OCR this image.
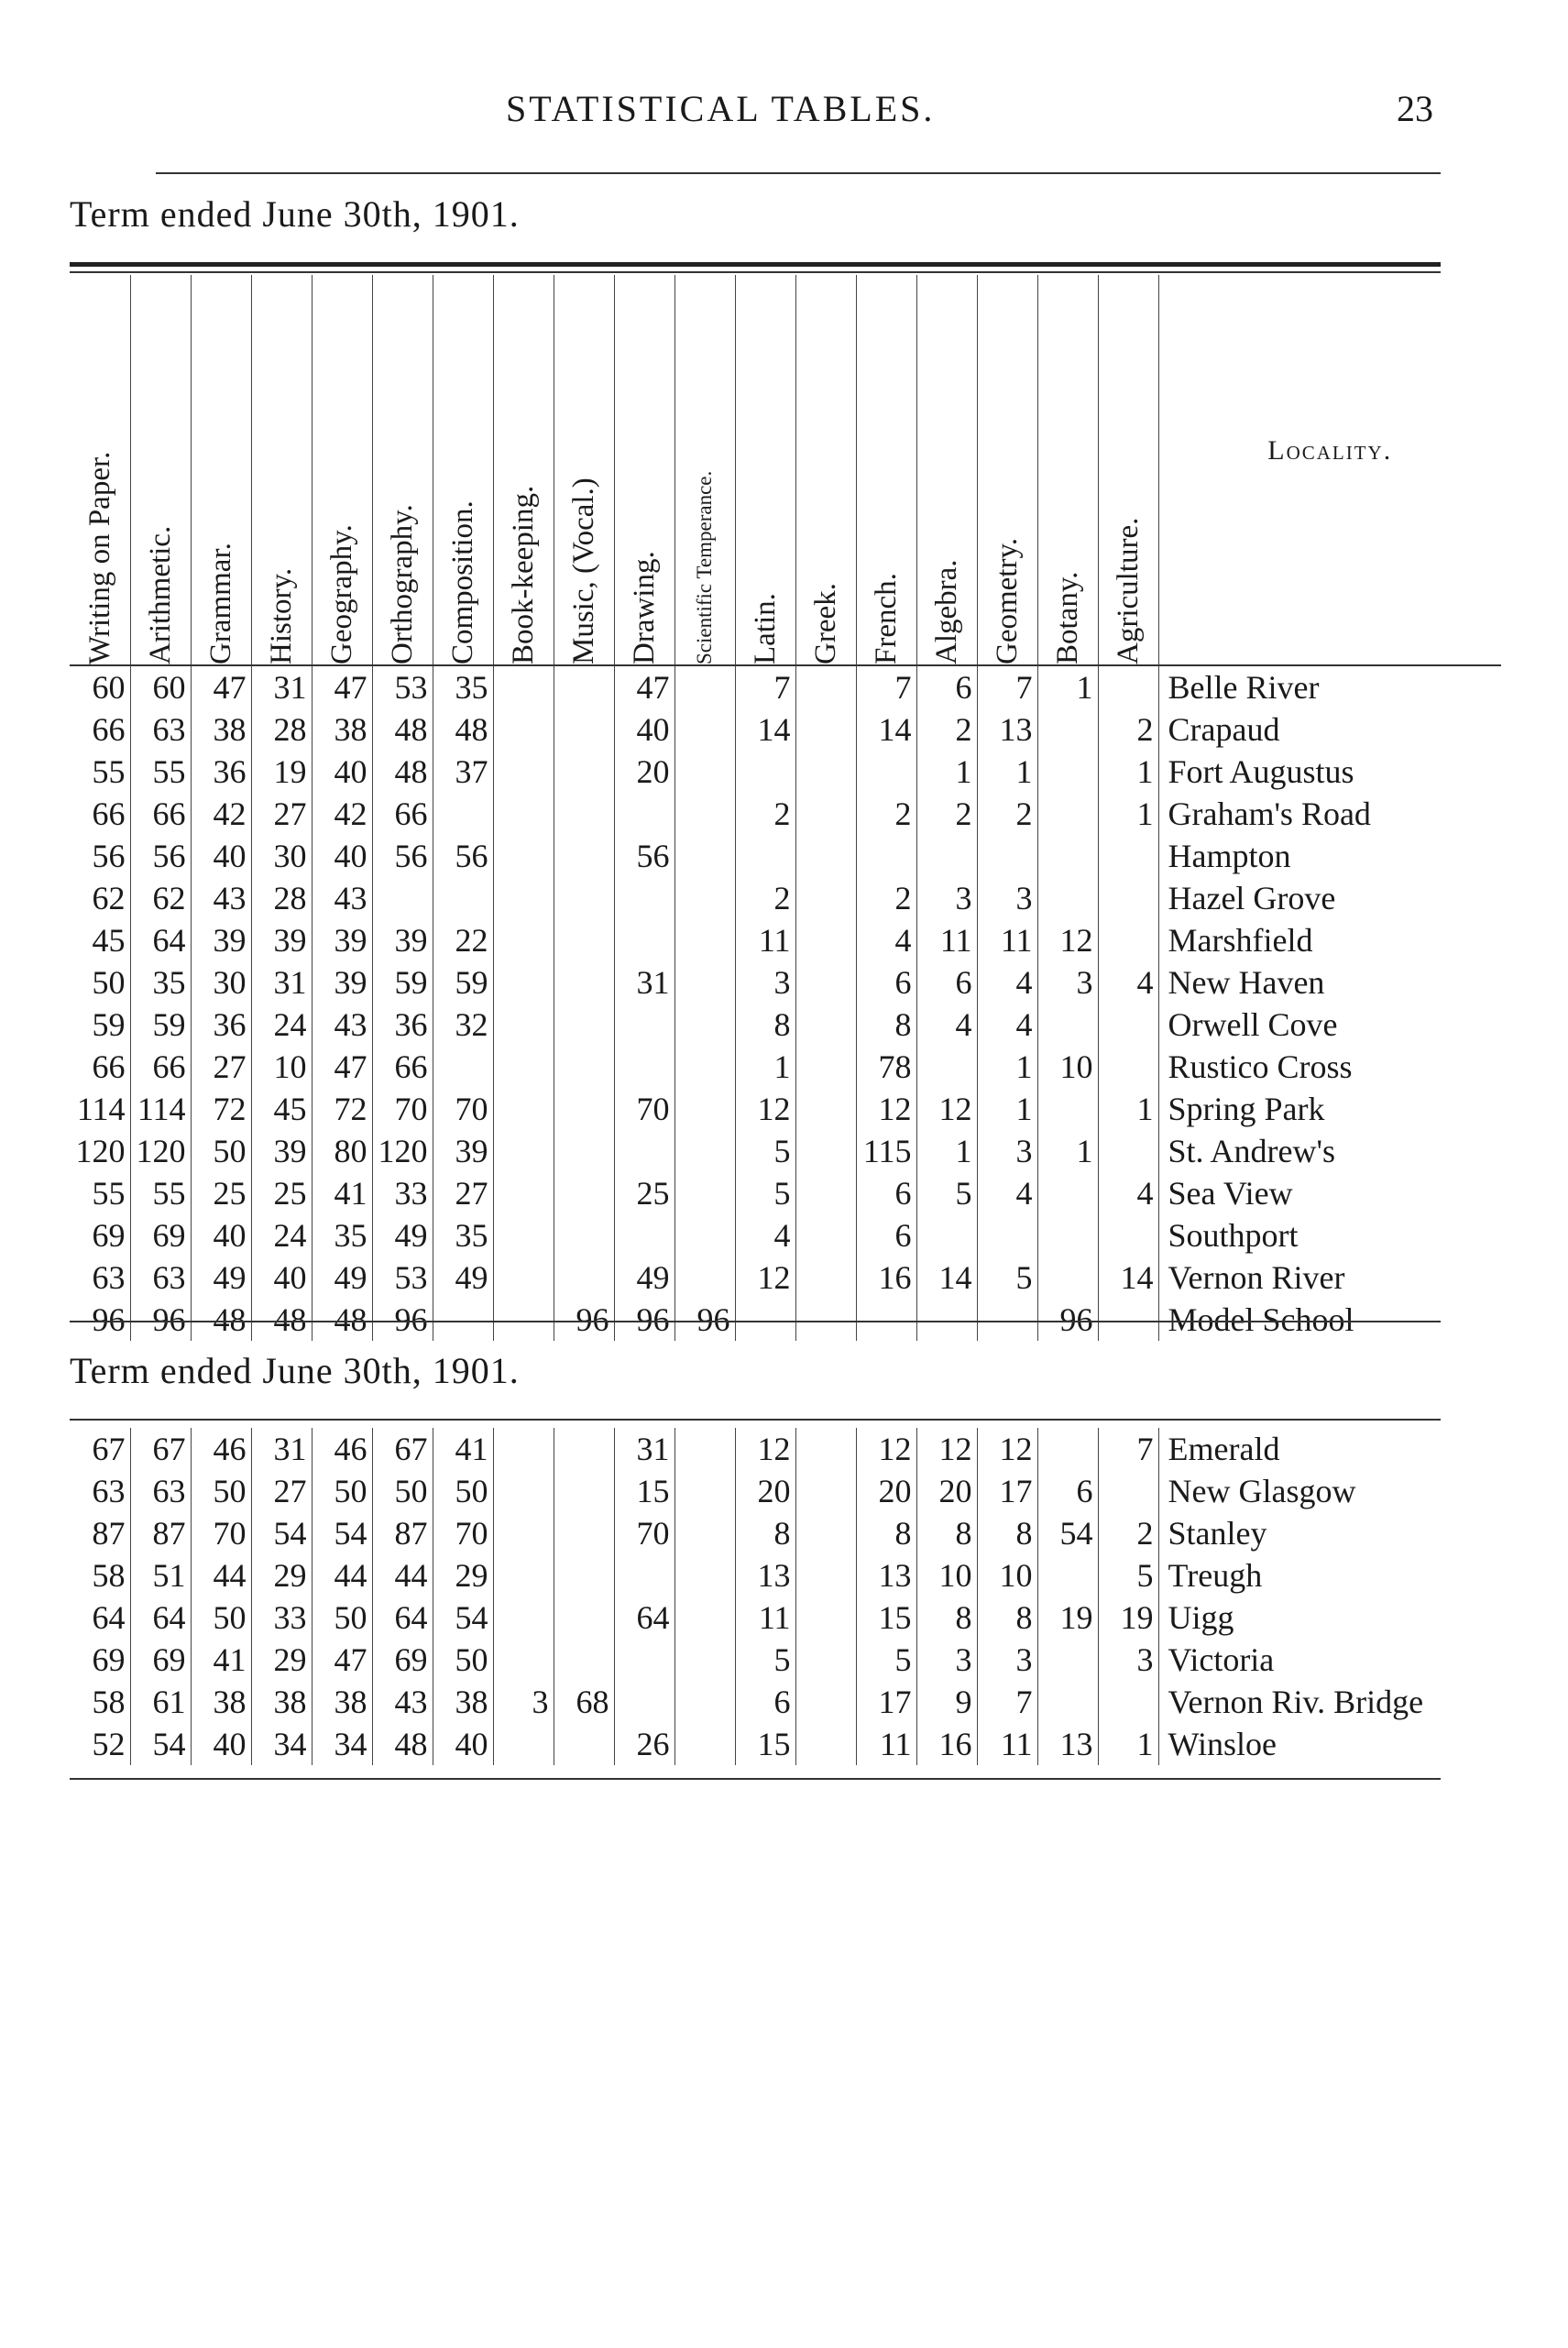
STATISTICAL TABLES.	23
Term ended June 30th, 1901.
Writing on Paper.	Arithmetic.	Grammar.	History.	Geography.	Orthography.	Composition.	Book-keeping.	Music, (Vocal.)	Drawing.	Scientific Temperance.	Latin.	Greek.	French.	Algebra.	Geometry.	Botany.	Agriculture.	Locality.

60	60	47	31	47	53	35			47		7		7	6	7	1		Belle River
66	63	38	28	38	48	48			40		14		14	2	13		2	Crapaud
55	55	36	19	40	48	37			20					1	1		1	Fort Augustus
66	66	42	27	42	66						2		2	2	2		1	Graham's Road
56	56	40	30	40	56	56			56									Hampton
62	62	43	28	43							2		2	3	3			Hazel Grove
45	64	39	39	39	39	22					11		4	11	11	12		Marshfield
50	35	30	31	39	59	59			31		3		6	6	4	3	4	New Haven
59	59	36	24	43	36	32					8		8	4	4			Orwell Cove
66	66	27	10	47	66						1		78		1	10		Rustico Cross
114	114	72	45	72	70	70			70		12		12	12	1		1	Spring Park
120	120	50	39	80	120	39					5		115	1	3	1		St. Andrew's
55	55	25	25	41	33	27			25		5		6	5	4		4	Sea View
69	69	40	24	35	49	35					4		6					Southport
63	63	49	40	49	53	49			49		12		16	14	5		14	Vernon River
96	96	48	48	48	96			96	96	96						96		Model School
Term ended June 30th, 1901.
67	67	46	31	46	67	41			31		12		12	12	12		7	Emerald
63	63	50	27	50	50	50			15		20		20	20	17	6		New Glasgow
87	87	70	54	54	87	70			70		8		8	8	8	54	2	Stanley
58	51	44	29	44	44	29					13		13	10	10		5	Treugh
64	64	50	33	50	64	54			64		11		15	8	8	19	19	Uigg
69	69	41	29	47	69	50					5		5	3	3		3	Victoria
58	61	38	38	38	43	38	3	68			6		17	9	7			Vernon Riv. Bridge
52	54	40	34	34	48	40			26		15		11	16	11	13	1	Winsloe
